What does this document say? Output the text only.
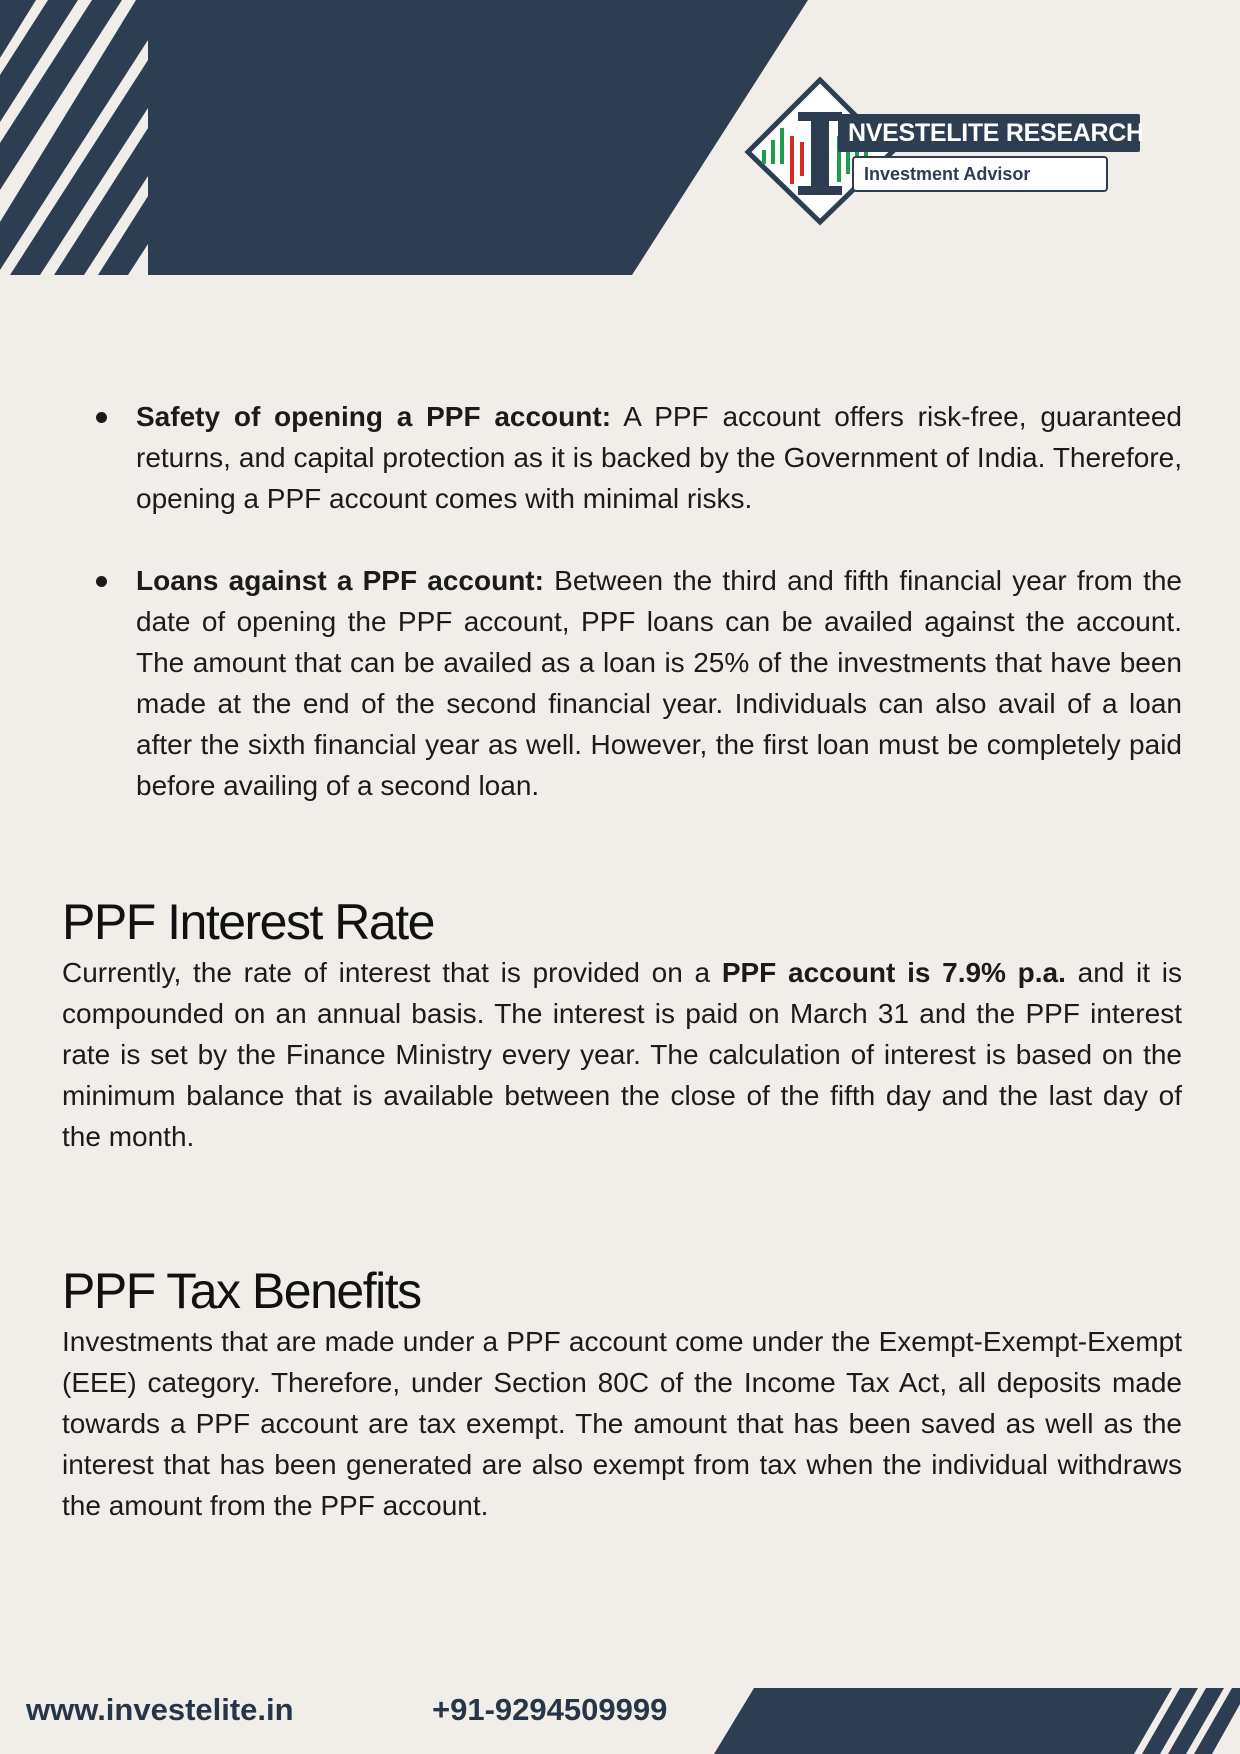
NVESTELITE RESEARCH
Investment Advisor
Safety of opening a PPF account: A PPF account offers risk-free, guaranteed returns, and capital protection as it is backed by the Government of India. Therefore, opening a PPF account comes with minimal risks.
Loans against a PPF account: Between the third and fifth financial year from the date of opening the PPF account, PPF loans can be availed against the account. The amount that can be availed as a loan is 25% of the investments that have been made at the end of the second financial year. Individuals can also avail of a loan after the sixth financial year as well. However, the first loan must be completely paid before availing of a second loan.
PPF Interest Rate

Currently, the rate of interest that is provided on a PPF account is 7.9% p.a. and it is compounded on an annual basis. The interest is paid on March 31 and the PPF interest rate is set by the Finance Ministry every year. The calculation of interest is based on the minimum balance that is available between the close of the fifth day and the last day of the month.

PPF Tax Benefits

Investments that are made under a PPF account come under the Exempt-Exempt-Exempt (EEE) category. Therefore, under Section 80C of the Income Tax Act, all deposits made towards a PPF account are tax exempt. The amount that has been saved as well as the interest that has been generated are also exempt from tax when the individual withdraws the amount from the PPF account.

www.investelite.in	+91-9294509999
